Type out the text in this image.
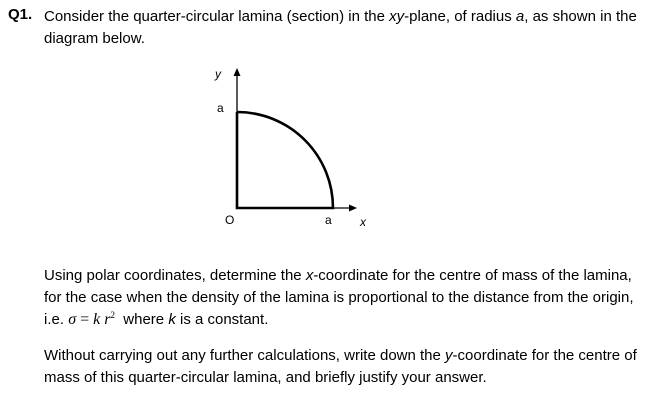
Q1. Consider the quarter-circular lamina (section) in the xy-plane, of radius a, as shown in the diagram below.

y
a
O	a x

Using polar coordinates, determine the x-coordinate for the centre of mass of the lamina, for the case when the density of the lamina is proportional to the distance from the origin, i.e. σ = k $r^2$  where k is a constant.

Without carrying out any further calculations, write down the y-coordinate for the centre of mass of this quarter-circular lamina, and briefly justify your answer.
